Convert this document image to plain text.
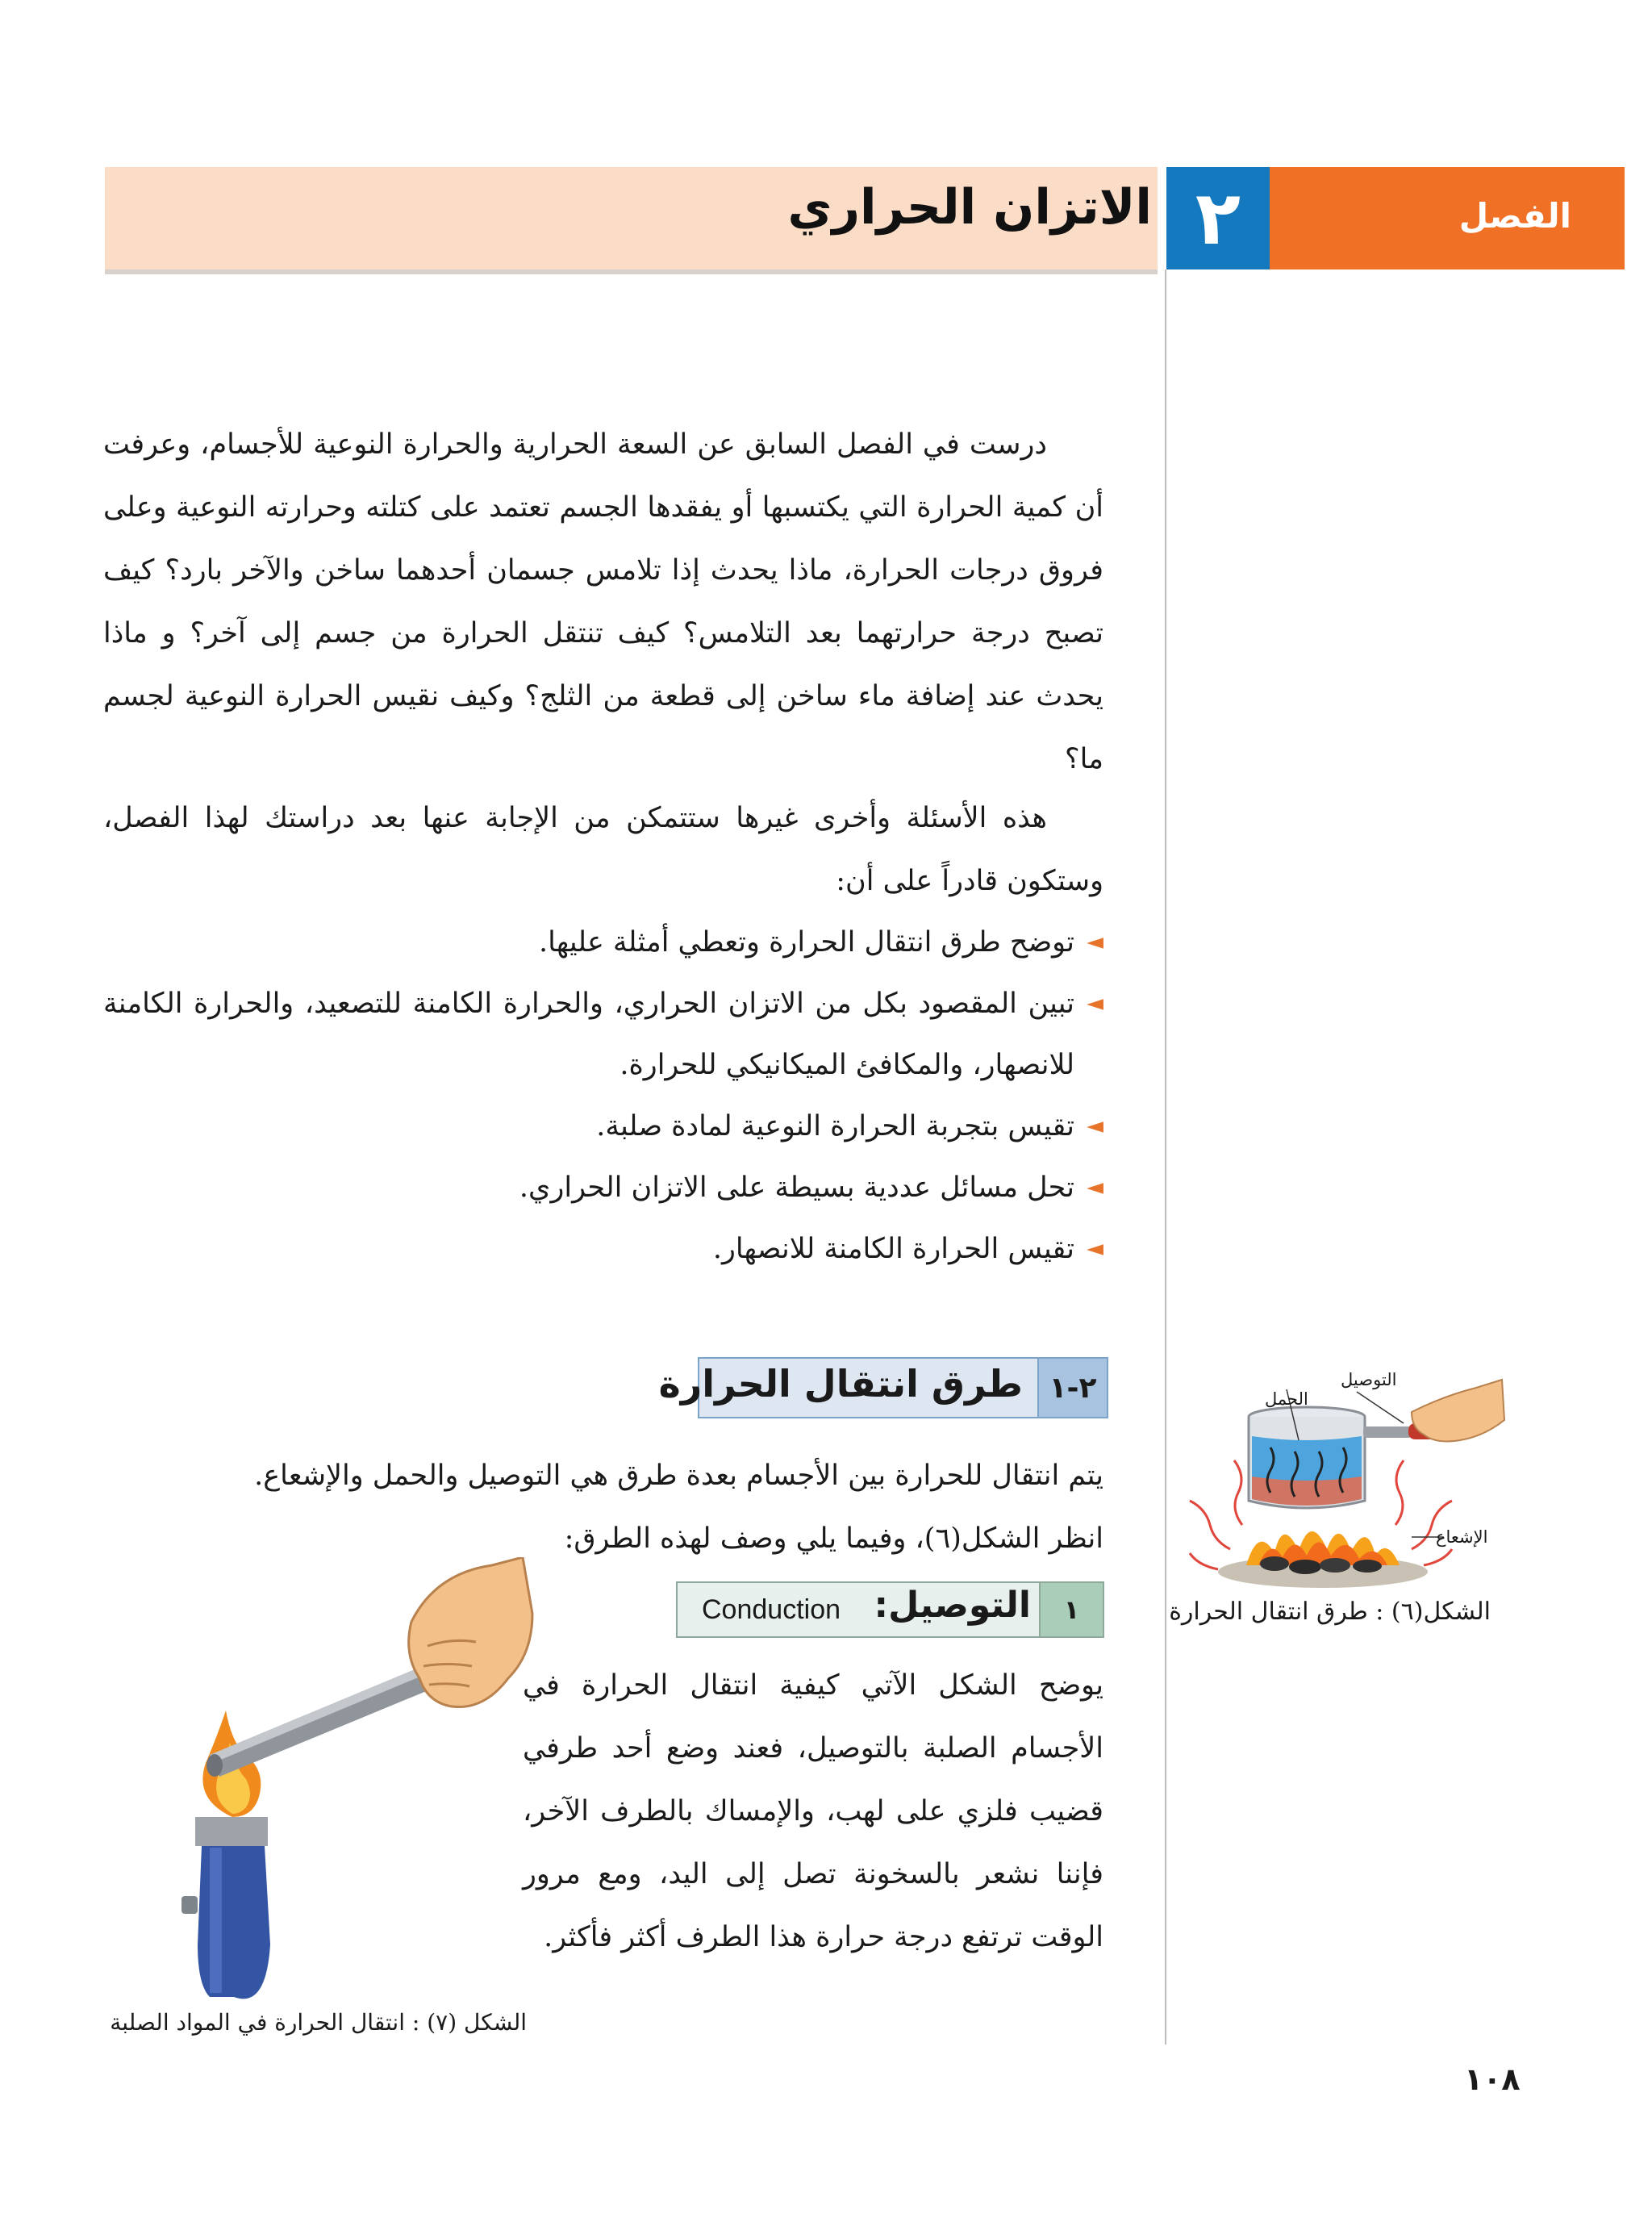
الاتزان الحراري ٢	الفصل

درست في الفصل السابق عن السعة الحرارية والحرارة النوعية للأجسام، وعرفت أن كمية الحرارة التي يكتسبها أو يفقدها الجسم تعتمد على كتلته وحرارته النوعية وعلى فروق درجات الحرارة، ماذا يحدث إذا تلامس جسمان أحدهما ساخن والآخر بارد؟ كيف تصبح درجة حرارتهما بعد التلامس؟ كيف تنتقل الحرارة من جسم إلى آخر؟ و ماذا يحدث عند إضافة ماء ساخن إلى قطعة من الثلج؟ وكيف نقيس الحرارة النوعية لجسم ما؟

هذه الأسئلة وأخرى غيرها ستتمكن من الإجابة عنها بعد دراستك لهذا الفصل، وستكون قادراً على أن:

◄ توضح طرق انتقال الحرارة وتعطي أمثلة عليها.
◄ تبين المقصود بكل من الاتزان الحراري، والحرارة الكامنة للتصعيد، والحرارة الكامنة للانصهار، والمكافئ الميكانيكي للحرارة.
◄ تقيس بتجربة الحرارة النوعية لمادة صلبة.
◄ تحل مسائل عددية بسيطة على الاتزان الحراري.
◄ تقيس الحرارة الكامنة للانصهار.
٢-١
طرق انتقال الحرارة

يتم انتقال للحرارة بين الأجسام بعدة طرق هي التوصيل والحمل والإشعاع.

انظر الشكل(٦)، وفيما يلي وصف لهذه الطرق:

١
التوصيل:
Conduction

يوضح الشكل الآتي كيفية انتقال الحرارة في الأجسام الصلبة بالتوصيل، فعند وضع أحد طرفي قضيب فلزي على لهب، والإمساك بالطرف الآخر، فإننا نشعر بالسخونة تصل إلى اليد، ومع مرور الوقت ترتفع درجة حرارة هذا الطرف أكثر فأكثر.

التوصيل
الحمل
الإشعاع
الشكل(٦) : طرق انتقال الحرارة
الشكل (٧) : انتقال الحرارة في المواد الصلبة
١٠٨
